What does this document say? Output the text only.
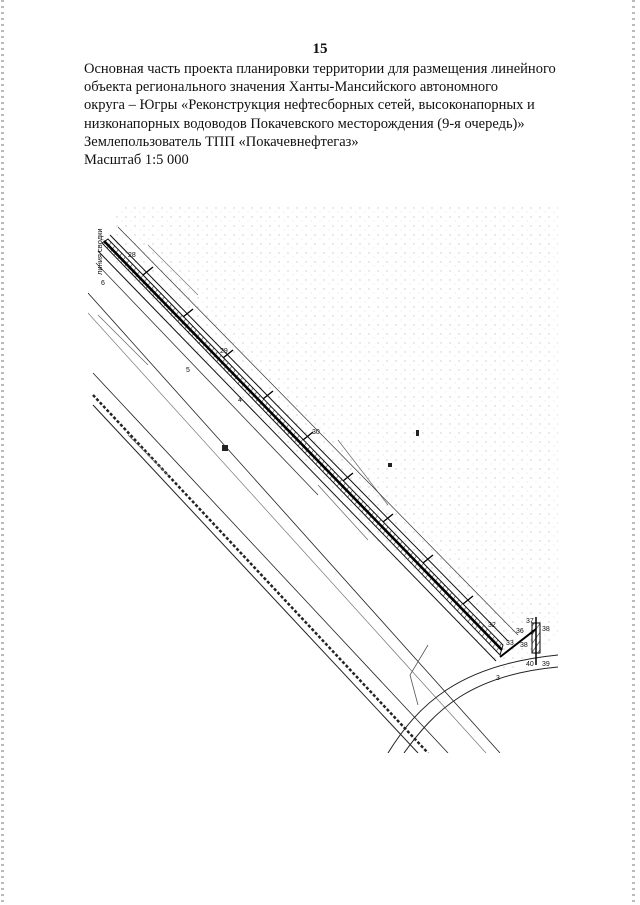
15
Основная часть проекта планировки территории для размещения линейного
объекта регионального значения Ханты-Мансийского автономного
округа – Югры «Реконструкция нефтесборных сетей, высоконапорных и
низконапорных водоводов Покачевского месторождения (9-я очередь)»
Землепользователь ТПП «Покачевнефтегаз»
Масштаб 1:5 000
линия сводки	28
6
29
5
4
30
32
33
3
37
38
36
38
40 39
